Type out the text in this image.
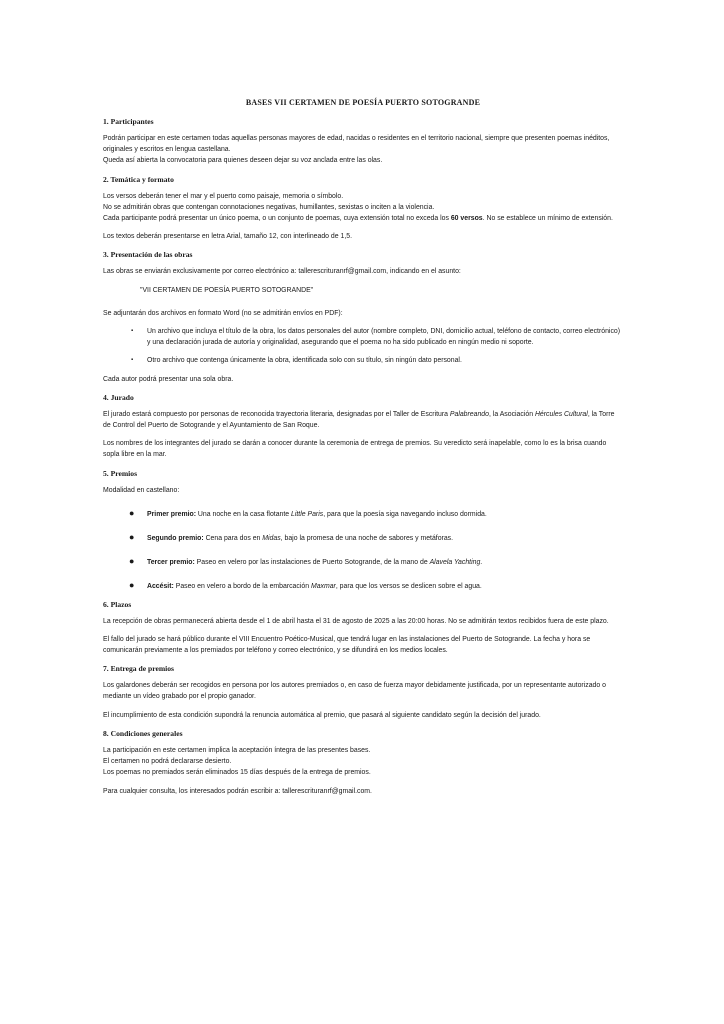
BASES VII CERTAMEN DE POESÍA PUERTO SOTOGRANDE
1. Participantes

Podrán participar en este certamen todas aquellas personas mayores de edad, nacidas o residentes en el territorio nacional, siempre que presenten poemas inéditos, originales y escritos en lengua castellana.
Queda así abierta la convocatoria para quienes deseen dejar su voz anclada entre las olas.

2. Temática y formato

Los versos deberán tener el mar y el puerto como paisaje, memoria o símbolo.
No se admitirán obras que contengan connotaciones negativas, humillantes, sexistas o inciten a la violencia.
Cada participante podrá presentar un único poema, o un conjunto de poemas, cuya extensión total no exceda los 60 versos. No se establece un mínimo de extensión.

Los textos deberán presentarse en letra Arial, tamaño 12, con interlineado de 1,5.

3. Presentación de las obras

Las obras se enviarán exclusivamente por correo electrónico a: tallerescrituranrf@gmail.com, indicando en el asunto:

"VII CERTAMEN DE POESÍA PUERTO SOTOGRANDE"

Se adjuntarán dos archivos en formato Word (no se admitirán envíos en PDF):

▪ Un archivo que incluya el título de la obra, los datos personales del autor (nombre completo, DNI, domicilio actual, teléfono de contacto, correo electrónico) y una declaración jurada de autoría y originalidad, asegurando que el poema no ha sido publicado en ningún medio ni soporte.
▪ Otro archivo que contenga únicamente la obra, identificada solo con su título, sin ningún dato personal.

Cada autor podrá presentar una sola obra.

4. Jurado

El jurado estará compuesto por personas de reconocida trayectoria literaria, designadas por el Taller de Escritura Palabreando, la Asociación Hércules Cultural, la Torre de Control del Puerto de Sotogrande y el Ayuntamiento de San Roque.

Los nombres de los integrantes del jurado se darán a conocer durante la ceremonia de entrega de premios. Su veredicto será inapelable, como lo es la brisa cuando sopla libre en la mar.

5. Premios

Modalidad en castellano:

● Primer premio: Una noche en la casa flotante Little Paris, para que la poesía siga navegando incluso dormida.
● Segundo premio: Cena para dos en Midas, bajo la promesa de una noche de sabores y metáforas.
● Tercer premio: Paseo en velero por las instalaciones de Puerto Sotogrande, de la mano de Alavela Yachting.
● Accésit: Paseo en velero a bordo de la embarcación Maxmar, para que los versos se deslicen sobre el agua.
6. Plazos

La recepción de obras permanecerá abierta desde el 1 de abril hasta el 31 de agosto de 2025 a las 20:00 horas. No se admitirán textos recibidos fuera de este plazo.

El fallo del jurado se hará público durante el VIII Encuentro Poético-Musical, que tendrá lugar en las instalaciones del Puerto de Sotogrande. La fecha y hora se comunicarán previamente a los premiados por teléfono y correo electrónico, y se difundirá en los medios locales.

7. Entrega de premios

Los galardones deberán ser recogidos en persona por los autores premiados o, en caso de fuerza mayor debidamente justificada, por un representante autorizado o mediante un vídeo grabado por el propio ganador.

El incumplimiento de esta condición supondrá la renuncia automática al premio, que pasará al siguiente candidato según la decisión del jurado.

8. Condiciones generales

La participación en este certamen implica la aceptación íntegra de las presentes bases.
El certamen no podrá declararse desierto.
Los poemas no premiados serán eliminados 15 días después de la entrega de premios.

Para cualquier consulta, los interesados podrán escribir a: tallerescrituranrf@gmail.com.
